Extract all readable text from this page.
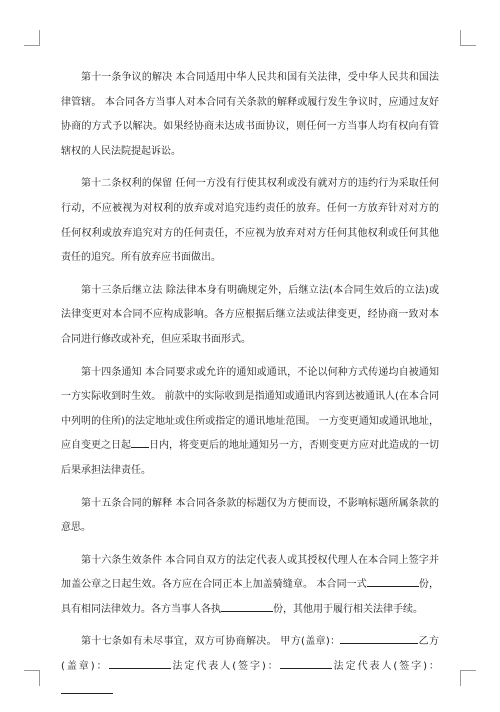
第十一条争议的解决 本合同适用中华人民共和国有关法律，受中华人民共和国法律管辖。 本合同各方当事人对本合同有关条款的解释或履行发生争议时，应通过友好协商的方式予以解决。如果经协商未达成书面协议，则任何一方当事人均有权向有管辖权的人民法院提起诉讼。

第十二条权利的保留 任何一方没有行使其权利或没有就对方的违约行为采取任何行动，不应被视为对权利的放弃或对追究违约责任的放弃。任何一方放弃针对对方的任何权利或放弃追究对方的任何责任，不应视为放弃对对方任何其他权利或任何其他责任的追究。所有放弃应书面做出。

第十三条后继立法 除法律本身有明确规定外，后继立法(本合同生效后的立法)或法律变更对本合同不应构成影响。各方应根据后继立法或法律变更，经协商一致对本合同进行修改或补充，但应采取书面形式。

第十四条通知 本合同要求或允许的通知或通讯，不论以何种方式传递均自被通知一方实际收到时生效。 前款中的实际收到是指通知或通讯内容到达被通讯人(在本合同中列明的住所)的法定地址或住所或指定的通讯地址范围。 一方变更通知或通讯地址，应自变更之日起 日内，将变更后的地址通知另一方，否则变更方应对此造成的一切后果承担法律责任。

第十五条合同的解释 本合同各条款的标题仅为方便而设，不影响标题所属条款的意思。

第十六条生效条件 本合同自双方的法定代表人或其授权代理人在本合同上签字并加盖公章之日起生效。各方应在合同正本上加盖骑缝章。 本合同一式	份，具有相同法律效力。各方当事人各执	份，其他用于履行相关法律手续。

第十七条如有未尽事宜，双方可协商解决。 甲方(盖章)：	乙方(盖章)：	法定代表人(签字)：	法定代表人(签字)：
